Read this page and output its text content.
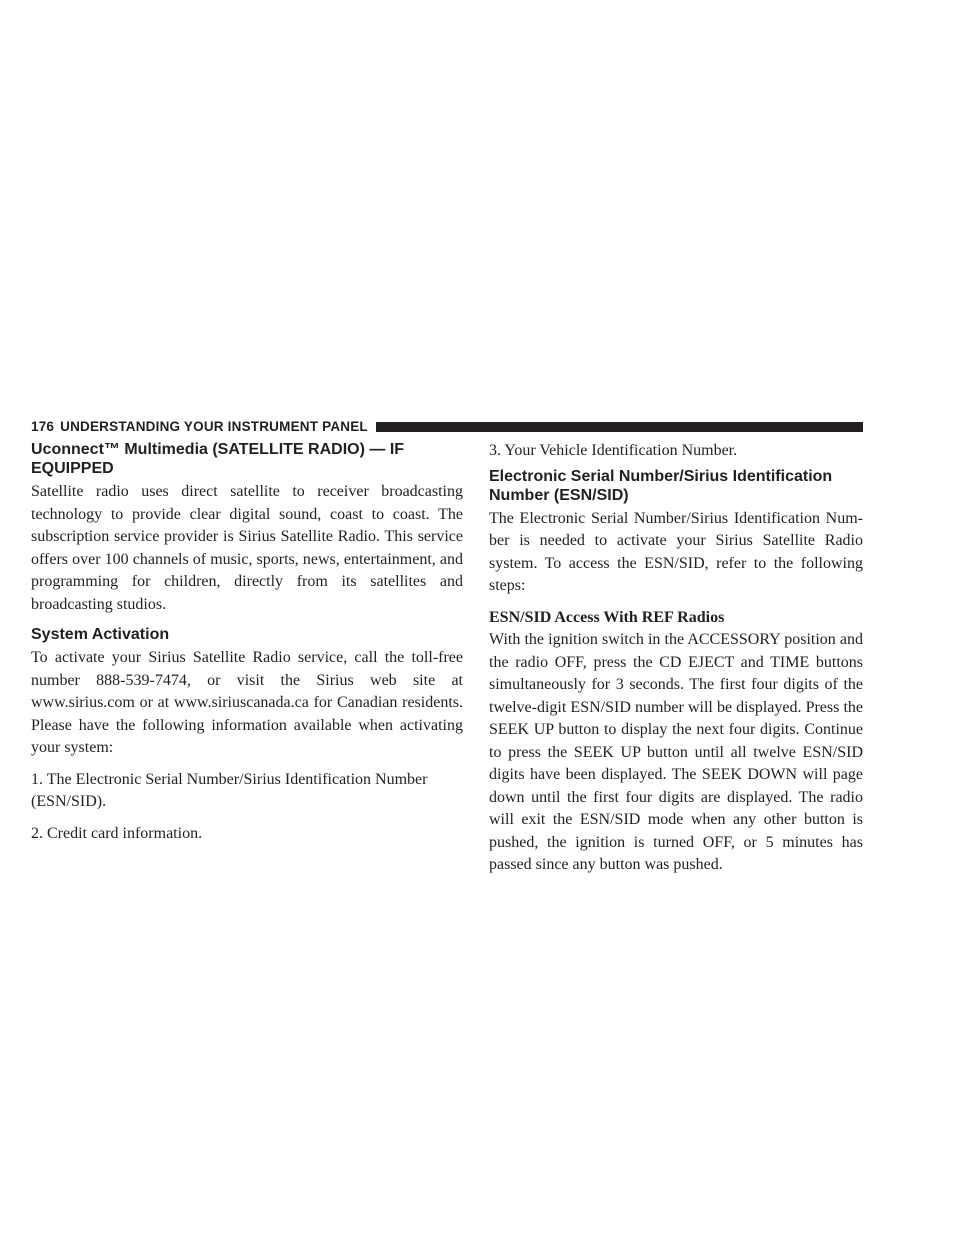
176 UNDERSTANDING YOUR INSTRUMENT PANEL
Uconnect™ Multimedia (SATELLITE RADIO) — IF EQUIPPED

Satellite radio uses direct satellite to receiver broadcasting technology to provide clear digital sound, coast to coast. The subscription service provider is Sirius Satellite Radio. This service offers over 100 channels of music, sports, news, entertainment, and programming for children, directly from its satellites and broadcasting studios.

System Activation

To activate your Sirius Satellite Radio service, call the toll-free number 888-539-7474, or visit the Sirius web site at www.sirius.com or at www.siriuscanada.ca for Canadian residents. Please have the following information available when activating your system:

1. The Electronic Serial Number/Sirius Identification Number (ESN/SID).

2. Credit card information.

3. Your Vehicle Identification Number.

Electronic Serial Number/Sirius Identification Number (ESN/SID)

The Electronic Serial Number/Sirius Identification Number is needed to activate your Sirius Satellite Radio system. To access the ESN/SID, refer to the following steps:

ESN/SID Access With REF Radios

With the ignition switch in the ACCESSORY position and the radio OFF, press the CD EJECT and TIME buttons simultaneously for 3 seconds. The first four digits of the twelve-digit ESN/SID number will be displayed. Press the SEEK UP button to display the next four digits. Continue to press the SEEK UP button until all twelve ESN/SID digits have been displayed. The SEEK DOWN will page down until the first four digits are displayed. The radio will exit the ESN/SID mode when any other button is pushed, the ignition is turned OFF, or 5 minutes has passed since any button was pushed.
